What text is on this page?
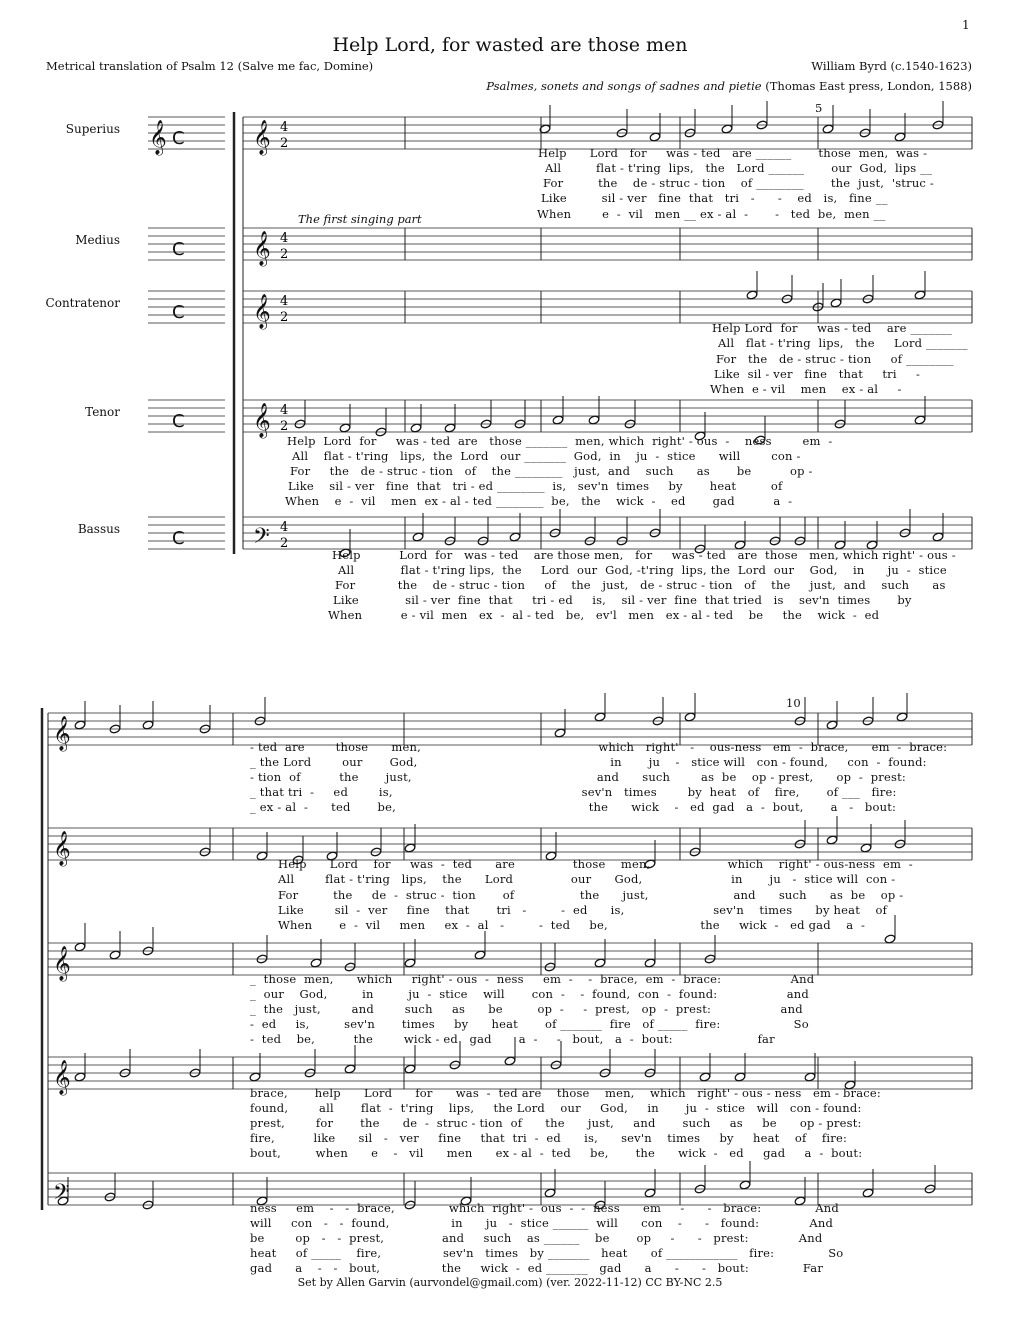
1
Help Lord, for wasted are those men
Metrical translation of Psalm 12 (Salve me fac, Domine)	William Byrd (c.1540-1623)
Psalmes, sonets and songs of sadnes and pietie (Thomas East press, London, 1588)
Superius
Medius
Contratenor
Tenor
Bassus
The first singing part
5
10
C
C
C
C
C
𝄞	𝄞 4
2
𝄞 4
2
𝄞 4
2
𝄞 4
2
𝄢 4
2
𝄞
𝄞
𝄞
𝄞
𝄢
Help      Lord   for     was - ted   are ______       those  men,  was -
All         flat - t'ring  lips,   the   Lord ______       our  God,  lips __
For         the    de - struc - tion    of ________       the  just,  'struc -
Like         sil - ver   fine  that   tri   -      -    ed   is,   fine __
When        e  -  vil   men __ ex - al  -       -   ted  be,  men __
Help Lord  for     was - ted    are _______
All   flat - t'ring  lips,   the     Lord _______
For   the   de - struc - tion     of ________
Like  sil - ver   fine   that     tri     -
When  e - vil    men    ex - al     -
Help  Lord  for     was - ted  are   those _______  men, which  right' - ous  -    ness        em  -
All    flat - t'ring   lips,  the  Lord   our _______  God,  in    ju  -  stice      will        con -
For     the   de - struc - tion   of    the ________   just,  and    such      as       be          op -
Like    sil - ver   fine  that   tri - ed ________  is,   sev'n  times     by       heat         of
When    e  -  vil    men  ex - al - ted ________  be,   the    wick  -    ed       gad          a  -
Help          Lord  for   was - ted    are those men,   for     was - ted   are  those   men, which right' - ous -
All            flat - t'ring lips,  the     Lord  our  God, -t'ring  lips, the  Lord  our    God,    in      ju  -  stice
For           the    de - struc - tion     of    the   just,   de - struc - tion   of    the     just,  and    such      as
Like            sil - ver  fine  that     tri - ed     is,    sil - ver  fine  that tried   is    sev'n  times       by
When          e - vil  men   ex  -  al - ted   be,   ev'l   men   ex - al - ted    be     the    wick  -  ed
- ted  are        those      men,                                              which   right'   -    ous-ness   em  -  brace,      em  -  brace:
_ the Lord        our       God,                                                  in       ju    -   stice will   con - found,     con  -  found:
- tion  of          the       just,                                                and      such        as  be    op - prest,      op  -  prest:
_ that tri  -     ed        is,                                                 sev'n   times        by  heat   of    fire,       of ___   fire:
_ ex - al  -      ted       be,                                                  the      wick    -   ed  gad   a  -  bout,       a   -   bout:
Help      Lord    for     was  -  ted      are               those    men,                    which    right' - ous-ness  em  -
All        flat - t'ring   lips,    the      Lord               our      God,                       in       ju   -  stice will  con -
For         the     de  -  struc -  tion       of                 the      just,                      and      such      as  be    op -
Like        sil  -  ver     fine    that       tri   -         -  ed      is,                       sev'n    times      by heat    of
When       e  -  vil     men     ex  -  al   -         -  ted     be,                        the     wick  -   ed gad    a  -
_  those  men,      which     right' - ous  -  ness     em  -    -  brace,  em  -  brace:                  And
_  our    God,         in         ju  -  stice    will       con  -    -  found,  con  -  found:                  and
_  the   just,        and        such     as      be         op  -     -  prest,   op  -  prest:                  and
-  ed     is,         sev'n       times     by      heat       of _______  fire   of _____  fire:                   So
-  ted    be,          the        wick - ed   gad       a  -     -   bout,   a  -  bout:                      far
brace,       help      Lord      for      was  -  ted are    those    men,    which   right' - ous - ness   em - brace:
found,        all       flat  -  t'ring    lips,     the Lord    our     God,     in       ju  -  stice   will   con - found:
prest,        for       the      de  -  struc - tion  of      the      just,     and       such     as     be      op - prest:
fire,          like      sil   -   ver     fine     that  tri  -  ed      is,      sev'n    times     by     heat    of    fire:
bout,         when      e    -   vil      men      ex - al  -  ted     be,       the      wick  -   ed     gad     a  -  bout:
ness     em    -   -  brace,              which  right' -  ous  -  -  ness      em     -      -   brace:              And
will     con   -   -  found,                in      ju   -  stice ______  will      con    -      -   found:             And
be        op   -   -  prest,               and     such    as ______    be       op     -      -   prest:             And
heat     of _____    fire,                sev'n   times   by _______   heat      of ____________   fire:              So
gad      a    -   -   bout,                the     wick  -  ed _______   gad      a      -      -   bout:              Far
Set by Allen Garvin (aurvondel@gmail.com) (ver. 2022-11-12) CC BY-NC 2.5
